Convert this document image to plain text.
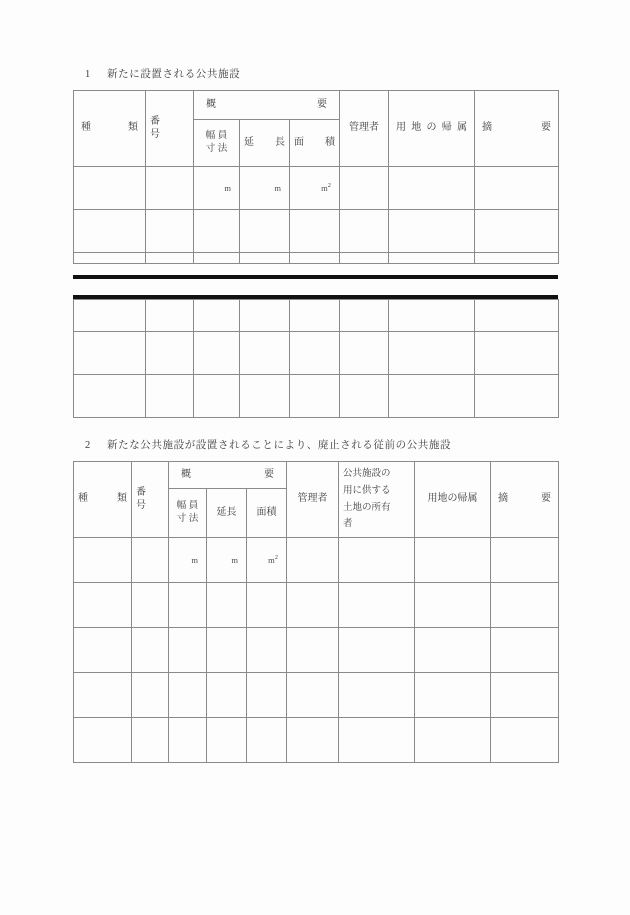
1 新たに設置される公共施設
種　　　類	番　　号	概　　　　要			管理者	用地の帰属	摘　　　要

		幅員
寸法	延　　長	面　　積			

		m	m	$m^2$

2 新たな公共施設が設置されることにより、廃止される従前の公共施設
種　　類	番　号	概　　　要			管理者	公共施設の
用に供する
土地の所有
者	用地の帰属	摘　　　要

		幅員
寸法	延長	面積				

		m	m	$m^2$
